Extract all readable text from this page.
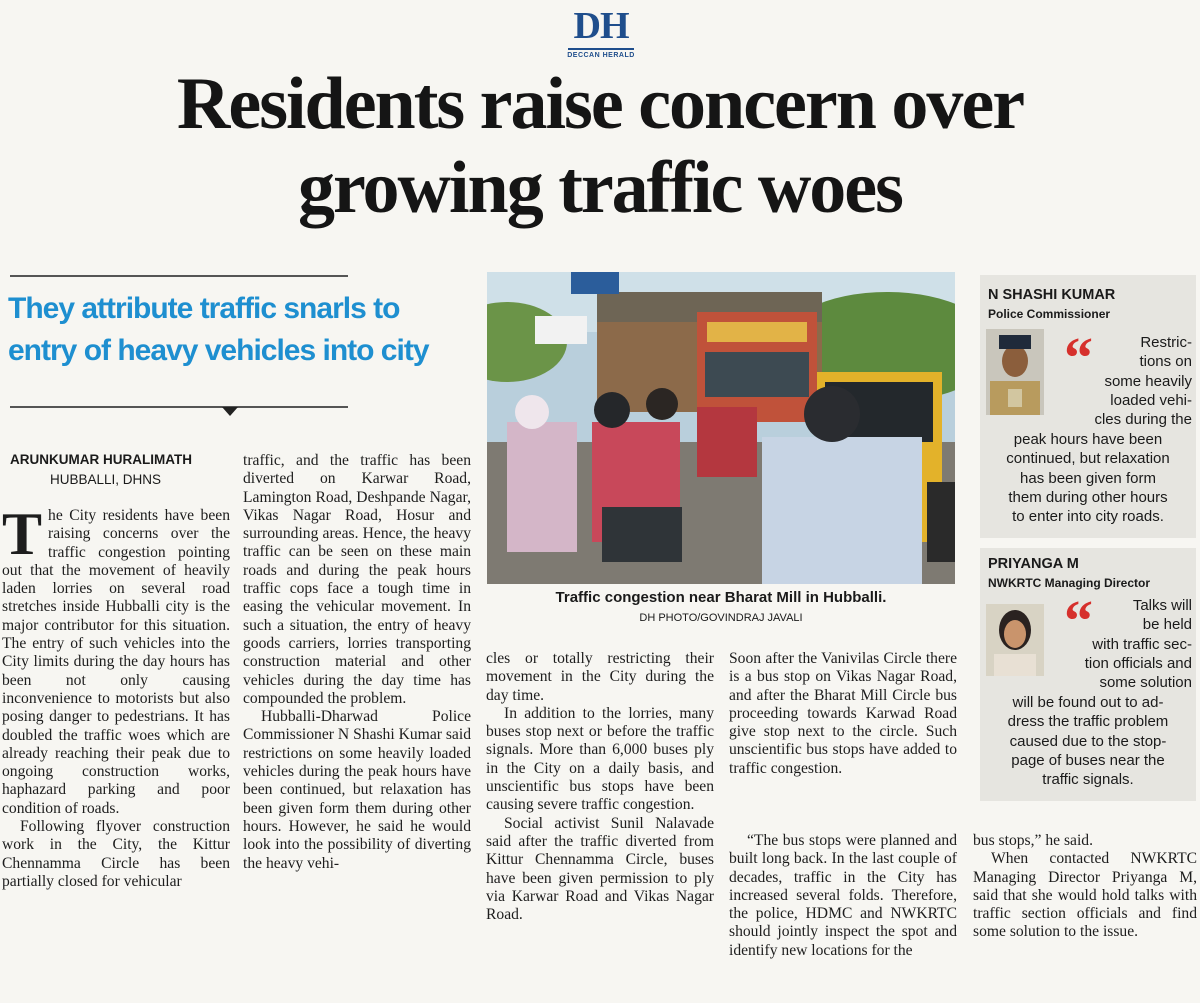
DH
DECCAN HERALD
Residents raise concern over
growing traffic woes
They attribute traffic snarls to
entry of heavy vehicles into city
ARUNKUMAR HURALIMATH
HUBBALLI, DHNS

The City residents have been raising concerns over the traffic congestion pointing out that the movement of heavily laden lorries on several road stretches inside Hubballi city is the major contributor for this situation. The entry of such vehicles into the City limits during the day hours has been not only causing inconvenience to motorists but also posing danger to pedestrians. It has doubled the traffic woes which are already reaching their peak due to ongoing construction works, haphazard parking and poor condition of roads.

Following flyover construction work in the City, the Kittur Chennamma Circle has been partially closed for vehicular

traffic, and the traffic has been diverted on Karwar Road, Lamington Road, Deshpande Nagar, Vikas Nagar Road, Hosur and surrounding areas. Hence, the heavy traffic can be seen on these main roads and during the peak hours traffic cops face a tough time in easing the vehicular movement. In such a situation, the entry of heavy goods carriers, lorries transporting construction material and other vehicles during the day time has compounded the problem.

Hubballi-Dharwad Police Commissioner N Shashi Kumar said restrictions on some heavily loaded vehicles during the peak hours have been continued, but relaxation has been given form them during other hours. However, he said he would look into the possibility of diverting the heavy vehi-

cles or totally restricting their movement in the City during the day time.

In addition to the lorries, many buses stop next or before the traffic signals. More than 6,000 buses ply in the City on a daily basis, and unscientific bus stops have been causing severe traffic congestion.

Social activist Sunil Nalavade said after the traffic diverted from Kittur Chennamma Circle, buses have been given permission to ply via Karwar Road and Vikas Nagar Road.

Soon after the Vanivilas Circle there is a bus stop on Vikas Nagar Road, and after the Bharat Mill Circle bus proceeding towards Karwad Road give stop next to the circle. Such unscientific bus stops have added to traffic congestion.

“The bus stops were planned and built long back. In the last couple of decades, traffic in the City has increased several folds. Therefore, the police, HDMC and NWKRTC should jointly inspect the spot and identify new locations for the

bus stops,” he said.

When contacted NWKRTC Managing Director Priyanga M, said that she would hold talks with traffic section officials and find some solution to the issue.

Traffic congestion near Bharat Mill in Hubballi.
DH PHOTO/GOVINDRAJ JAVALI
N SHASHI KUMAR
Police Commissioner
“	Restric-
tions on
some heavily
loaded vehi-
cles during the
peak hours have been
continued, but relaxation
has been given form
them during other hours
to enter into city roads.
PRIYANGA M
NWKRTC Managing Director
“	Talks will
be held
with traffic sec-
tion officials and
some solution
will be found out to ad-
dress the traffic problem
caused due to the stop-
page of buses near the
traffic signals.
